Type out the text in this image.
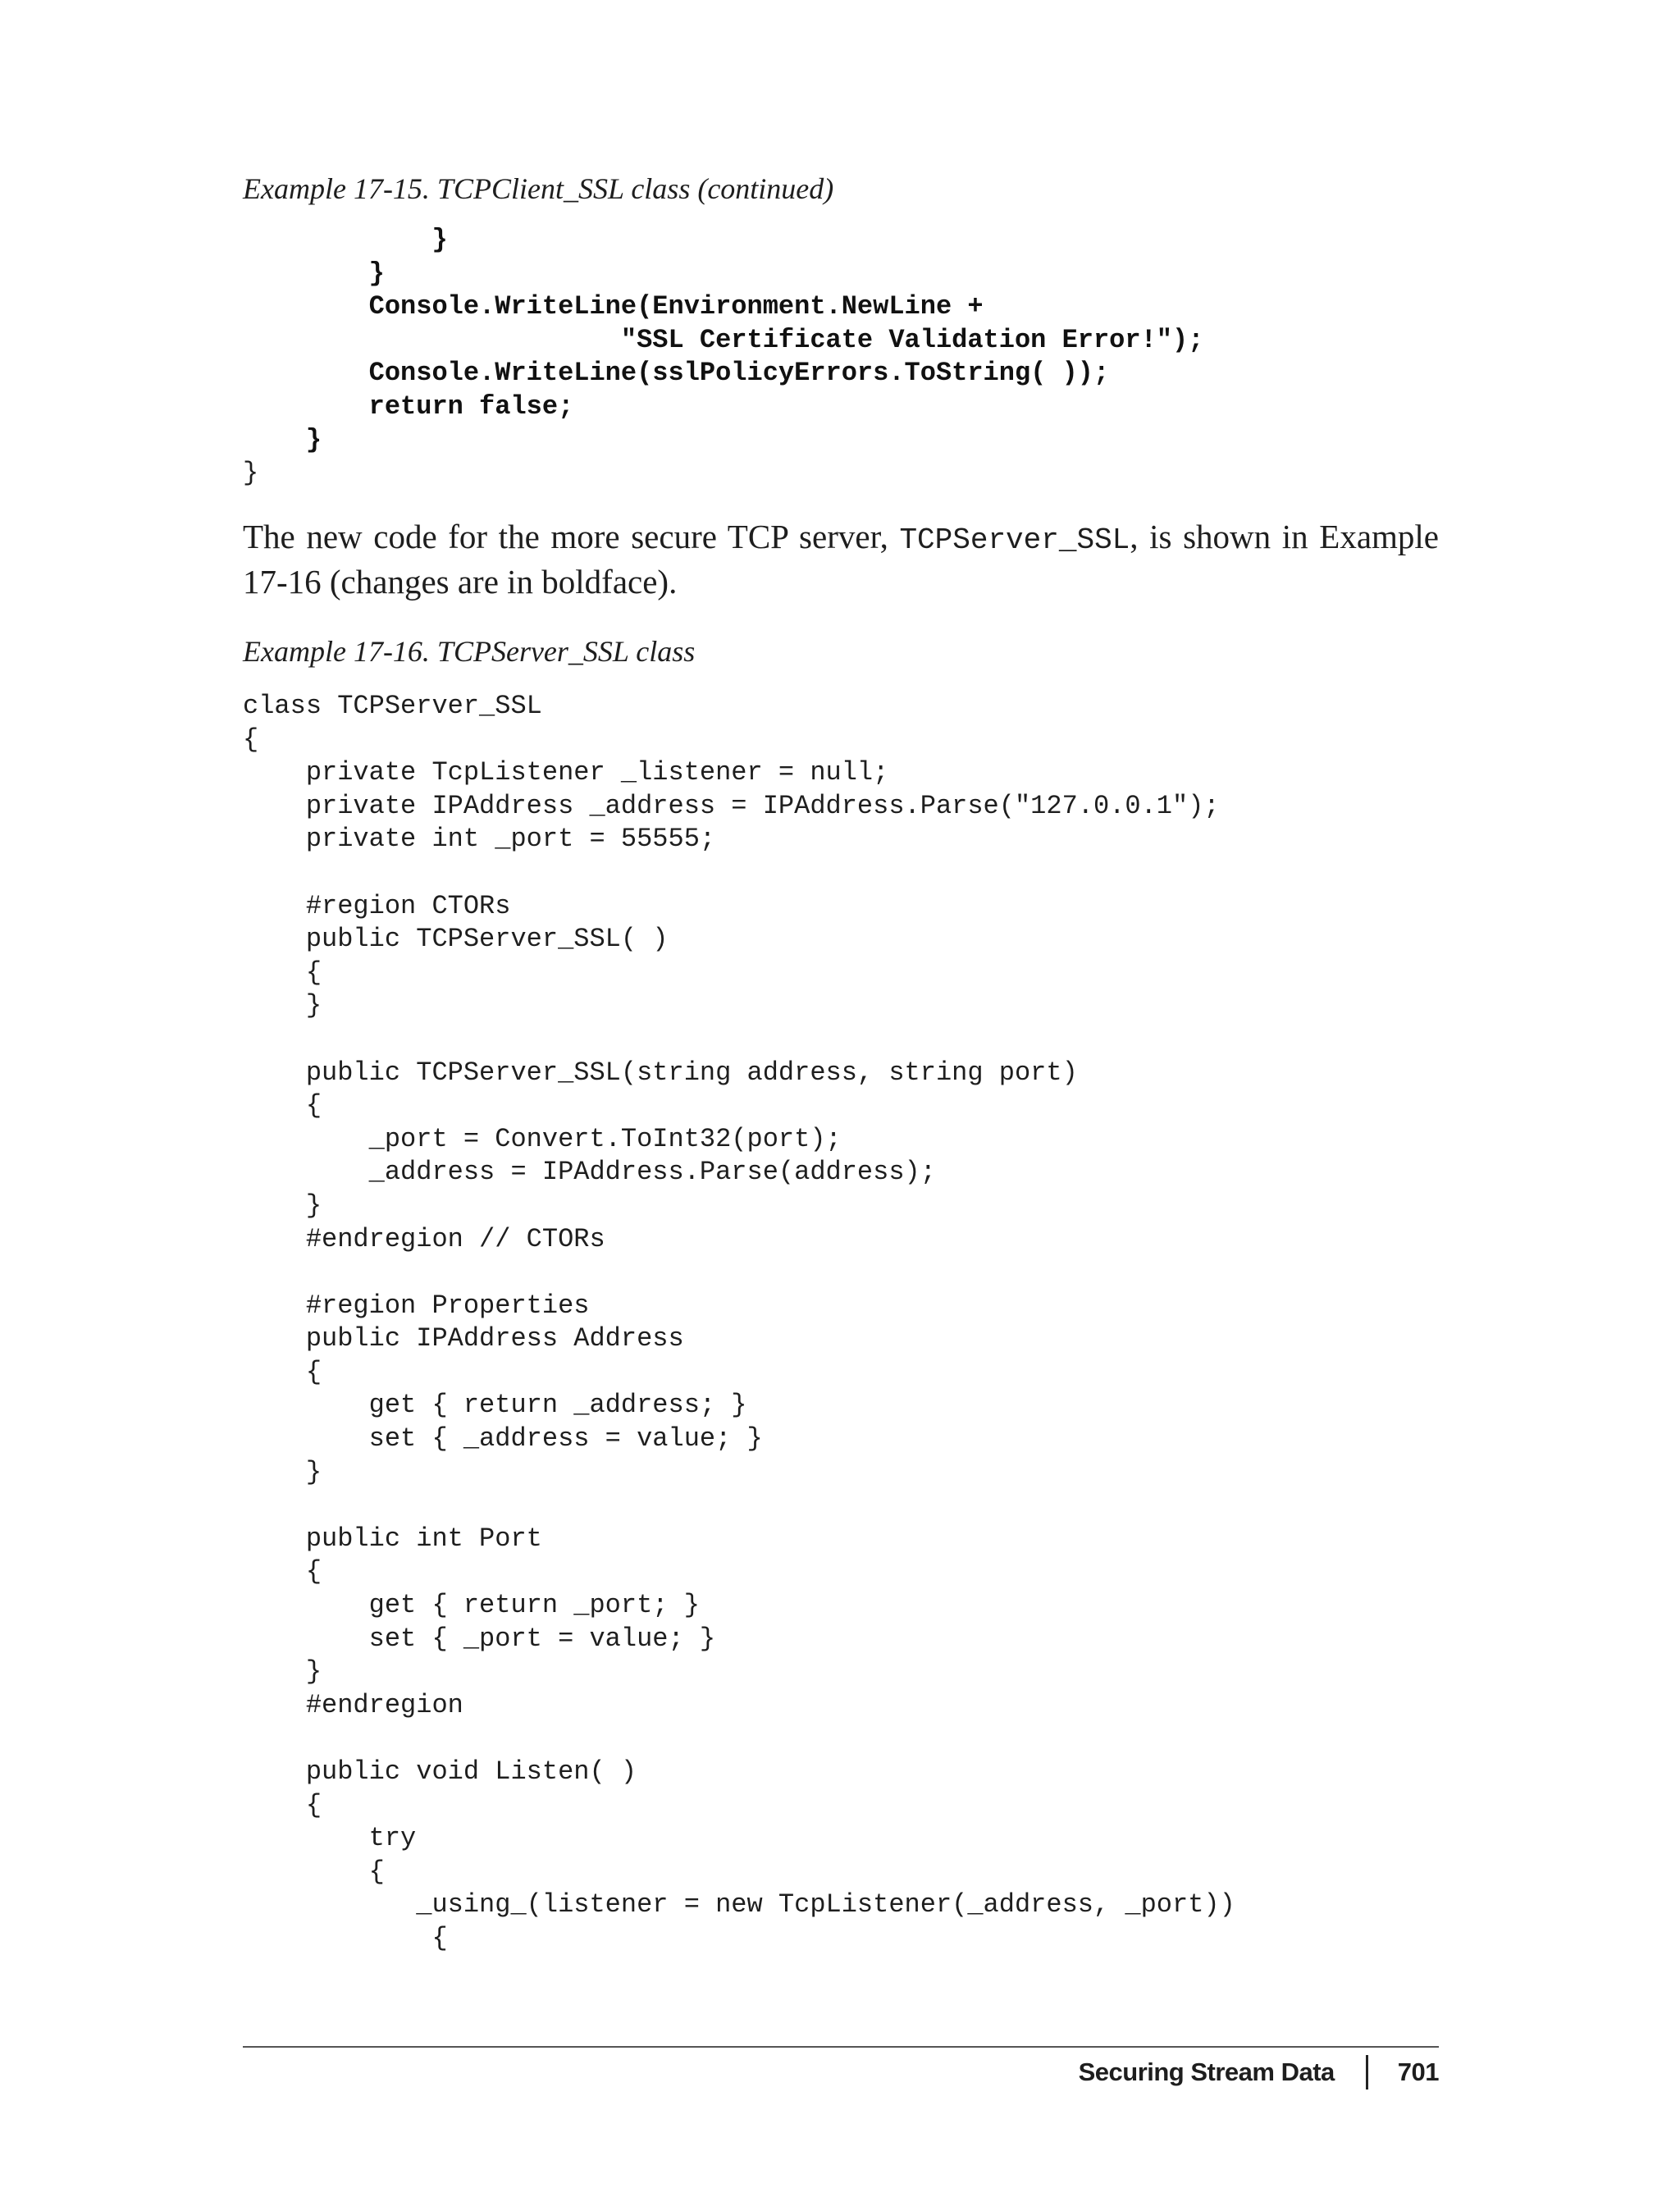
Example 17-15. TCPClient_SSL class (continued)

}
}
Console.WriteLine(Environment.NewLine +
"SSL Certificate Validation Error!");
Console.WriteLine(sslPolicyErrors.ToString( ));
return false;
}
}

The new code for the more secure TCP server, TCPServer_SSL, is shown in Example 17-16 (changes are in boldface).

Example 17-16. TCPServer_SSL class

class TCPServer_SSL
{
private TcpListener _listener = null;
private IPAddress _address = IPAddress.Parse("127.0.0.1");
private int _port = 55555;
#region CTORs
public TCPServer_SSL( )
{
}
public TCPServer_SSL(string address, string port)
{
_port = Convert.ToInt32(port);
_address = IPAddress.Parse(address);
}
#endregion // CTORs
#region Properties
public IPAddress Address
{
get { return _address; }
set { _address = value; }
}
public int Port
{
get { return _port; }
set { _port = value; }
}
#endregion
public void Listen( )
{
try
{
_using_(listener = new TcpListener(_address, _port))
{
Securing Stream Data 701
